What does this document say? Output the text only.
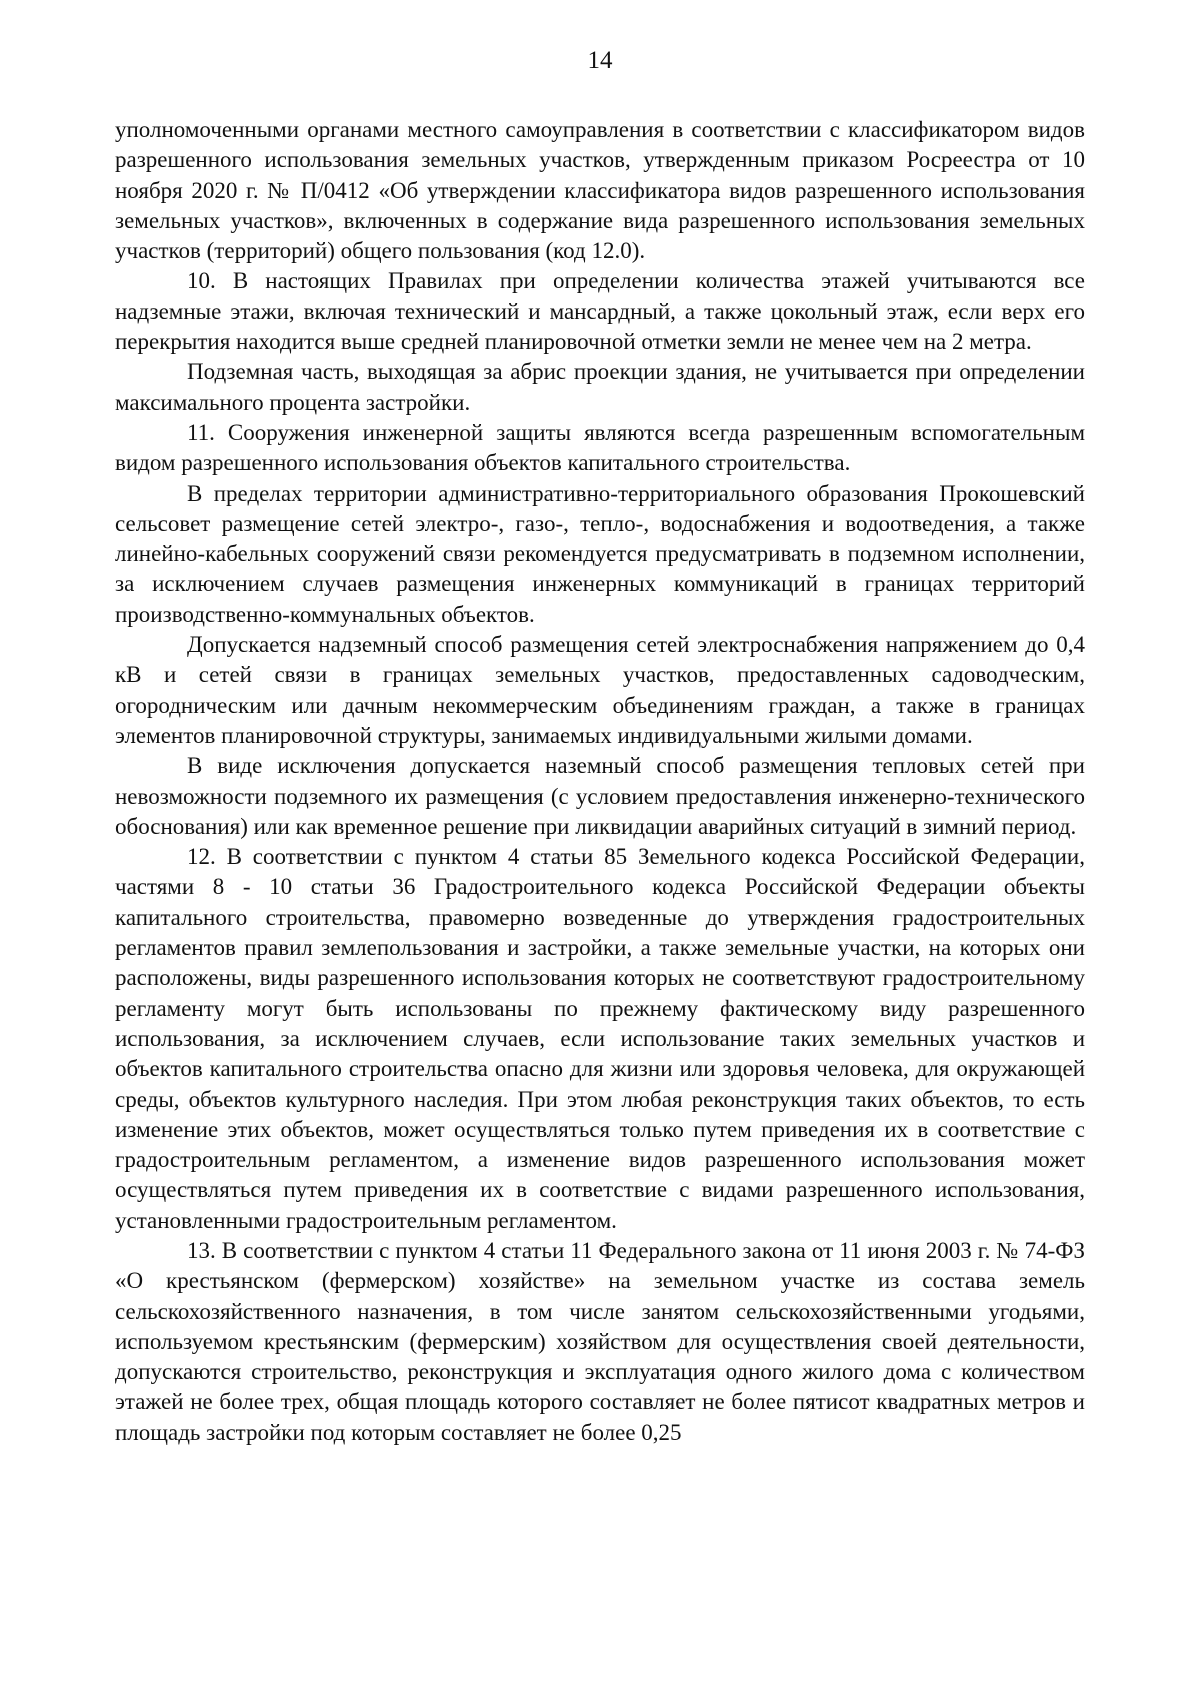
14

уполномоченными органами местного самоуправления в соответствии с классификатором видов разрешенного использования земельных участков, утвержденным приказом Росреестра от 10 ноября 2020 г. № П/0412 «Об утверждении классификатора видов разрешенного использования земельных участков», включенных в содержание вида разрешенного использования земельных участков (территорий) общего пользования (код 12.0).

10. В настоящих Правилах при определении количества этажей учитываются все надземные этажи, включая технический и мансардный, а также цокольный этаж, если верх его перекрытия находится выше средней планировочной отметки земли не менее чем на 2 метра.

Подземная часть, выходящая за абрис проекции здания, не учитывается при определении максимального процента застройки.

11. Сооружения инженерной защиты являются всегда разрешенным вспомогательным видом разрешенного использования объектов капитального строительства.

В пределах территории административно-территориального образования Прокошевский сельсовет размещение сетей электро-, газо-, тепло-, водоснабжения и водоотведения, а также линейно-кабельных сооружений связи рекомендуется предусматривать в подземном исполнении, за исключением случаев размещения инженерных коммуникаций в границах территорий производственно-коммунальных объектов.

Допускается надземный способ размещения сетей электроснабжения напряжением до 0,4 кВ и сетей связи в границах земельных участков, предоставленных садоводческим, огородническим или дачным некоммерческим объединениям граждан, а также в границах элементов планировочной структуры, занимаемых индивидуальными жилыми домами.

В виде исключения допускается наземный способ размещения тепловых сетей при невозможности подземного их размещения (с условием предоставления инженерно-технического обоснования) или как временное решение при ликвидации аварийных ситуаций в зимний период.

12. В соответствии с пунктом 4 статьи 85 Земельного кодекса Российской Федерации, частями 8 - 10 статьи 36 Градостроительного кодекса Российской Федерации объекты капитального строительства, правомерно возведенные до утверждения градостроительных регламентов правил землепользования и застройки, а также земельные участки, на которых они расположены, виды разрешенного использования которых не соответствуют градостроительному регламенту могут быть использованы по прежнему фактическому виду разрешенного использования, за исключением случаев, если использование таких земельных участков и объектов капитального строительства опасно для жизни или здоровья человека, для окружающей среды, объектов культурного наследия. При этом любая реконструкция таких объектов, то есть изменение этих объектов, может осуществляться только путем приведения их в соответствие с градостроительным регламентом, а изменение видов разрешенного использования может осуществляться путем приведения их в соответствие с видами разрешенного использования, установленными градостроительным регламентом.

13. В соответствии с пунктом 4 статьи 11 Федерального закона от 11 июня 2003 г. № 74-ФЗ «О крестьянском (фермерском) хозяйстве» на земельном участке из состава земель сельскохозяйственного назначения, в том числе занятом сельскохозяйственными угодьями, используемом крестьянским (фермерским) хозяйством для осуществления своей деятельности, допускаются строительство, реконструкция и эксплуатация одного жилого дома с количеством этажей не более трех, общая площадь которого составляет не более пятисот квадратных метров и площадь застройки под которым составляет не более 0,25
